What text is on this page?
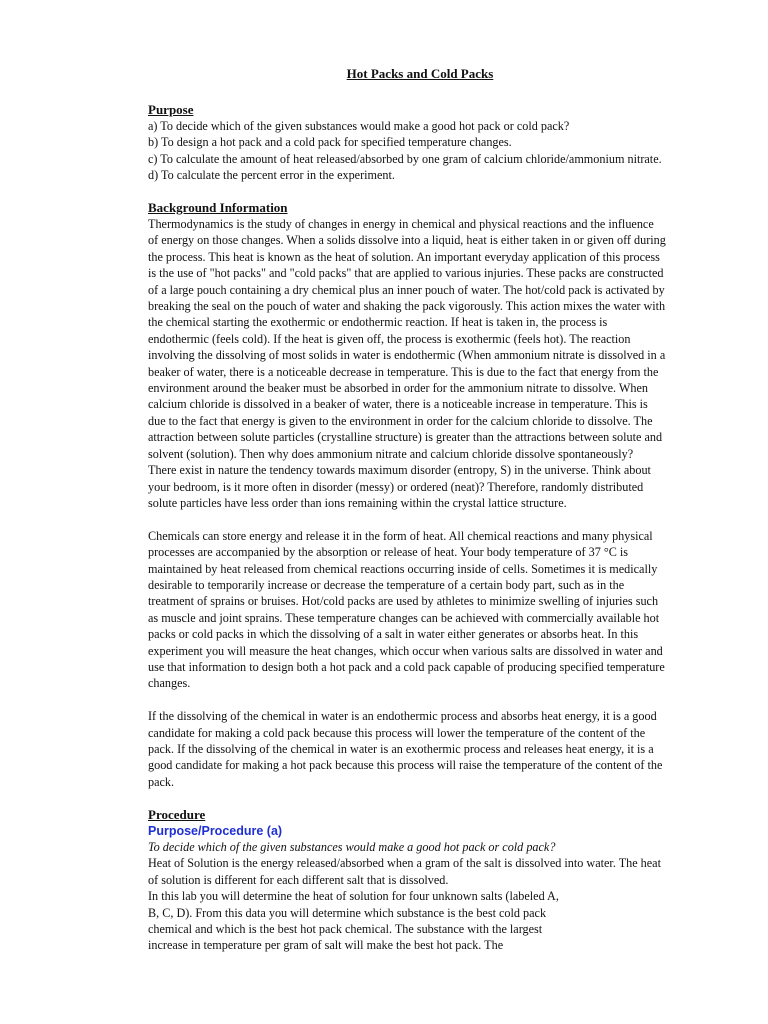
Hot Packs and Cold Packs
Purpose
a) To decide which of the given substances would make a good hot pack or cold pack?
b) To design a hot pack and a cold pack for specified temperature changes.
c) To calculate the amount of heat released/absorbed by one gram of calcium chloride/ammonium nitrate.
d) To calculate the percent error in the experiment.
Background Information
Thermodynamics is the study of changes in energy in chemical and physical reactions and the influence
of energy on those changes. When a solids dissolve into a liquid, heat is either taken in or given off during
the process. This heat is known as the heat of solution. An important everyday application of this process
is the use of "hot packs" and "cold packs" that are applied to various injuries. These packs are constructed
of a large pouch containing a dry chemical plus an inner pouch of water. The hot/cold pack is activated by
breaking the seal on the pouch of water and shaking the pack vigorously. This action mixes the water with
the chemical starting the exothermic or endothermic reaction. If heat is taken in, the process is
endothermic (feels cold). If the heat is given off, the process is exothermic (feels hot). The reaction
involving the dissolving of most solids in water is endothermic (When ammonium nitrate is dissolved in a
beaker of water, there is a noticeable decrease in temperature. This is due to the fact that energy from the
environment around the beaker must be absorbed in order for the ammonium nitrate to dissolve. When
calcium chloride is dissolved in a beaker of water, there is a noticeable increase in temperature. This is
due to the fact that energy is given to the environment in order for the calcium chloride to dissolve. The
attraction between solute particles (crystalline structure) is greater than the attractions between solute and
solvent (solution). Then why does ammonium nitrate and calcium chloride dissolve spontaneously?
There exist in nature the tendency towards maximum disorder (entropy, S) in the universe. Think about
your bedroom, is it more often in disorder (messy) or ordered (neat)? Therefore, randomly distributed
solute particles have less order than ions remaining within the crystal lattice structure.
Chemicals can store energy and release it in the form of heat. All chemical reactions and many physical
processes are accompanied by the absorption or release of heat. Your body temperature of 37 °C is
maintained by heat released from chemical reactions occurring inside of cells. Sometimes it is medically
desirable to temporarily increase or decrease the temperature of a certain body part, such as in the
treatment of sprains or bruises. Hot/cold packs are used by athletes to minimize swelling of injuries such
as muscle and joint sprains. These temperature changes can be achieved with commercially available hot
packs or cold packs in which the dissolving of a salt in water either generates or absorbs heat. In this
experiment you will measure the heat changes, which occur when various salts are dissolved in water and
use that information to design both a hot pack and a cold pack capable of producing specified temperature
changes.
If the dissolving of the chemical in water is an endothermic process and absorbs heat energy, it is a good
candidate for making a cold pack because this process will lower the temperature of the content of the
pack. If the dissolving of the chemical in water is an exothermic process and releases heat energy, it is a
good candidate for making a hot pack because this process will raise the temperature of the content of the
pack.
Procedure
Purpose/Procedure (a)
To decide which of the given substances would make a good hot pack or cold pack?
Heat of Solution is the energy released/absorbed when a gram of the salt is dissolved into water. The heat
of solution is different for each different salt that is dissolved.
In this lab you will determine the heat of solution for four unknown salts (labeled A,
B, C, D). From this data you will determine which substance is the best cold pack
chemical and which is the best hot pack chemical. The substance with the largest
increase in temperature per gram of salt will make the best hot pack. The
